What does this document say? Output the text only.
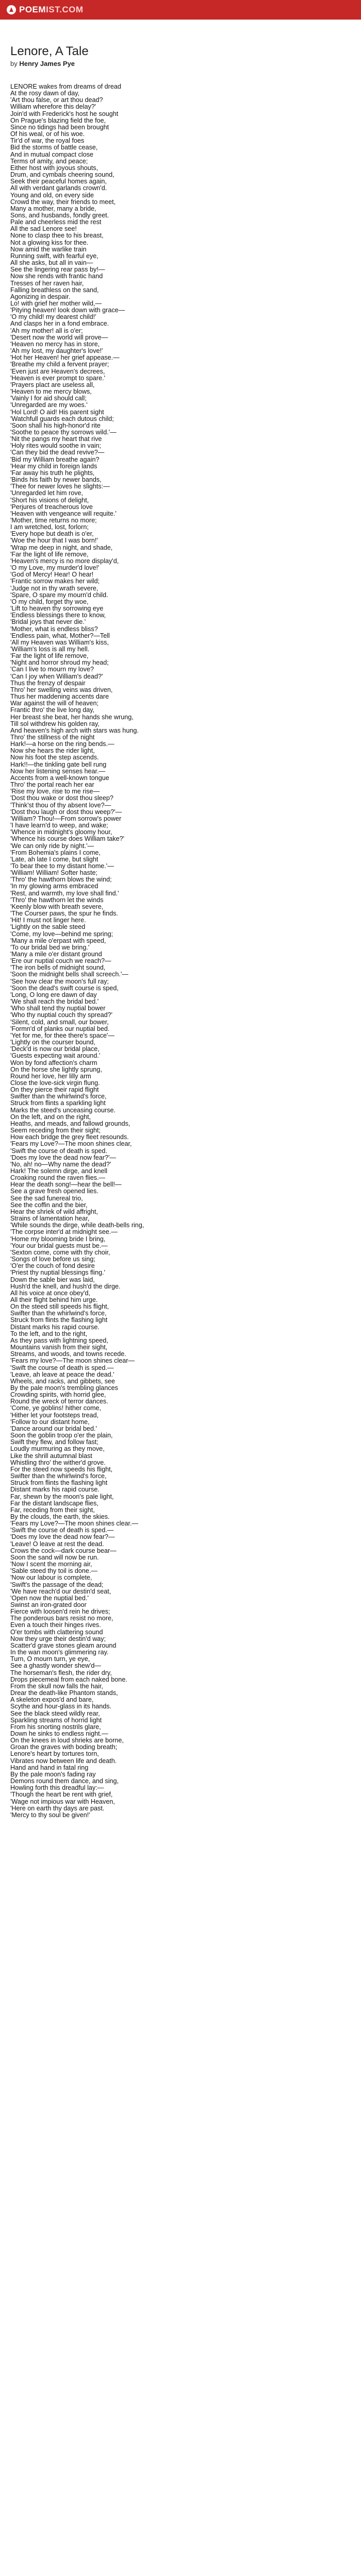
POEMIST.COM
Lenore, A Tale
by Henry James Pye
LENORE wakes from dreams of dread
At the rosy dawn of day,
'Art thou false, or art thou dead?
William wherefore this delay?'
Join'd with Frederick's host he sought
On Prague's blazing field the foe,
Since no tidings had been brought
Of his weal, or of his woe.
Tir'd of war, the royal foes
Bid the storms of battle cease,
And in mutual compact close
Terms of amity, and peace;
Either host with joyous shouts,
Drum, and cymbals cheering sound,
Seek their peaceful homes again,
All with verdant garlands crown'd.
Young and old, on every side
Crowd the way, their friends to meet,
Many a mother, many a bride,
Sons, and husbands, fondly greet.
Pale and cheerless mid the rest
All the sad Lenore see!
None to clasp thee to his breast,
Not a glowing kiss for thee.
Now amid the warlike train
Running swift, with fearful eye,
All she asks, but all in vain—
See the lingering rear pass by!—
Now she rends with frantic hand
Tresses of her raven hair,
Falling breathless on the sand,
Agonizing in despair.
Lo! with grief her mother wild,—
'Pitying heaven! look down with grace—
'O my child! my dearest child!'
And clasps her in a fond embrace.
'Ah my mother! all is o'er;
'Desert now the world will prove—
'Heaven no mercy has in store,
'Ah my lost, my daughter's love!'
'Hot her Heaven! her grief appease.—
'Breathe my child a fervent prayer;
'Even just are Heaven's decrees,
'Heaven is ever prompt to spare.'
'Prayers plact are useless all,
'Heaven to me mercy blows,
'Vainly I for aid should call;
'Unregarded are my woes.'
'Hol Lord! O aid! His parent sight
'Watchfull guards each dutous child;
'Soon shall his high-honor'd rite
'Soothe to peace thy sorrows wild.'—
'Nit the pangs my heart that rive
'Holy rites would soothe in vain;
'Can they bid the dead revive?—
'Bid my William breathe again?
'Hear my child in foreign lands
'Far away his truth he plights,
'Binds his faith by newer bands,
'Thee for newer loves he slights:—
'Unregarded let him rove,
'Short his visions of delight,
'Perjures of treacherous love
'Heaven with vengeance will requite.'
'Mother, time returns no more;
I am wretched, lost, forlorn;
'Every hope but death is o'er,
'Woe the hour that I was born!'
'Wrap me deep in night, and shade,
'Far the light of life remove,
'Heaven's mercy is no more display'd,
'O my Love, my murder'd love!'
'God of Mercy! Hear! O hear!
'Frantic sorrow makes her wild;
'Judge not in thy wrath severe,
'Spare, O spare my mourn'd child.
'O my child, forget thy woe,
'Lift to heaven thy sorrowing eye
'Endless blessings there to know,
'Bridal joys that never die.'
'Mother, what is endless bliss?
'Endless pain, what, Mother?—Tell
'All my Heaven was William's kiss,
'William's loss is all my hell.
'Far the light of life remove,
'Night and horror shroud my head;
'Can I live to mourn my love?
'Can I joy when William's dead?'
Thus the frenzy of despair
Thro' her swelling veins was driven,
Thus her maddening accents dare
War against the will of heaven;
Frantic thro' the live long day,
Her breast she beat, her hands she wrung,
Till sol withdrew his golden ray,
And heaven's high arch with stars was hung.
Thro' the stillness of the night
Hark!—a horse on the ring bends.—
Now she hears the rider light,
Now his foot the step ascends.
Hark!!—the tinkling gate bell rung
Now her listening senses hear.—
Accents from a well-known tongue
Thro' the portal reach her ear
'Rise my love, rise to me rise—
'Dost thou wake or dost thou sleep?
'Think'st thou of thy absent love?—
'Dost thou laugh or dost thou weep?'—
'William? Thou!—From sorrow's power
'I have learn'd to weep, and wake;
'Whence in midnight's gloomy hour,
'Whence his course does William take?'
'We can only ride by night.'—
'From Bohemia's plains I come,
'Late, ah late I come, but slight
'To bear thee to my distant home.'—
'William! William! Softer haste;
'Thro' the hawthorn blows the wind;
'In my glowing arms embraced
'Rest, and warmth, my love shall find.'
'Thro' the hawthorn let the winds
'Keenly blow with breath severe,
'The Courser paws, the spur he finds.
'Hit! I must not linger here.
'Lightly on the sable steed
'Come, my love—behind me spring;
'Many a mile o'erpast with speed,
'To our bridal bed we bring.'
'Many a mile o'er distant ground
'Ere our nuptial couch we reach?—
'The iron bells of midnight sound,
'Soon the midnight bells shall screech.'—
'See how clear the moon's full ray;
'Soon the dead's swift course is sped,
'Long, O long ere dawn of day
'We shall reach the bridal bed.'
'Who shall tend thy nuptial bower
'Who thy nuptial couch thy spread?'
'Silent, cold, and small, our bower,
'Formn'd of planks our nuptial bed.
'Yet for me, for thee there's space'—
'Lightly on the courser bound,
'Deck'd is now our bridal place,
'Guests expecting wait around.'
Won by fond affection's charm
On the horse she lightly sprung,
Round her love, her lilly arm
Close the love-sick virgin flung.
On they pierce their rapid flight
Swifter than the whirlwind's force,
Struck from flints a sparkling light
Marks the steed's unceasing course.
On the left, and on the right,
Heaths, and meads, and fallowd grounds,
Seem receding from their sight;
How each bridge the grey fleet resounds.
'Fears my Love?—The moon shines clear,
'Swift the course of death is sped.
'Does my love the dead now fear?'—
'No, ah! no—Why name the dead?'
Hark! The solemn dirge, and knell
Croaking round the raven flies.—
Hear the death song!—hear the bell!—
See a grave fresh opened lies.
See the sad funereal trio,
See the coffin and the bier,
Hear the shriek of wild affright,
Strains of lamentation hear,
'While sounds the dirge, while death-bells ring,
'The corpse inter'd at midnight see.—
'Home my blooming bride I bring,
'Your our bridal guests must be.—
'Sexton come, come with thy choir,
'Songs of love before us sing;
'O'er the couch of fond desire
'Priest thy nuptial blessings fling.'
Down the sable bier was laid,
Hush'd the knell, and hush'd the dirge.
All his voice at once obey'd,
All their flight behind him urge.
On the steed still speeds his flight,
Swifter than the whirlwind's force,
Struck from flints the flashing light
Distant marks his rapid course.
To the left, and to the right,
As they pass with lightning speed,
Mountains vanish from their sight,
Streams, and woods, and towns recede.
'Fears my love?—The moon shines clear—
'Swift the course of death is sped.—
'Leave, ah leave at peace the dead.'
Wheels, and racks, and gibbets, see
By the pale moon's trembling glances
Crowding spirits, with horrid glee,
Round the wreck of terror dances.
'Come, ye goblins! hither come,
'Hither let your footsteps tread,
'Follow to our distant home,
'Dance around our bridal bed.'
Soon the goblin troop o'er the plain,
Swift they flew, and follow fast;
Loudly murmuring as they move,
Like the shrill autumnal blast
Whistling thro' the wither'd grove.
For the steed now speeds his flight,
Swifter than the whirlwind's force,
Struck from flints the flashing light
Distant marks his rapid course.
Far, shewn by the moon's pale light,
Far the distant landscape flies,
Far, receding from their sight,
By the clouds, the earth, the skies.
'Fears my Love?—The moon shines clear.—
'Swift the course of death is sped.—
'Does my love the dead now fear?—
'Leave! O leave at rest the dead.
Crows the cock—dark course bear—
Soon the sand will now be run.
'Now I scent the morning air,
'Sable steed thy toil is done.—
'Now our labour is complete,
'Swift's the passage of the dead;
'We have reach'd our destin'd seat,
'Open now the nuptial bed.'
Swinst an iron-grated door
Fierce with loosen'd rein he drives;
The ponderous bars resist no more,
Even a touch their hinges rives.
O'er tombs with clattering sound
Now they urge their destin'd way;
Scatter'd grave stones gleam around
In the wan moon's glimmering ray.
Turn, O mourn turn, ye eye,
See a ghastly wonder shew'd—
The horseman's flesh, the rider dry,
Drops piecemeal from each naked bone.
From the skull now falls the hair,
Drear the death-like Phantom stands,
A skeleton expos'd and bare,
Scythe and hour-glass in its hands.
See the black steed wildly rear,
Sparkling streams of horrid light
From his snorting nostrils glare,
Down he sinks to endless night.—
On the knees in loud shrieks are borne,
Groan the graves with boding breath;
Lenore's heart by tortures torn,
Vibrates now between life and death.
Hand and hand in fatal ring
By the pale moon's fading ray
Demons round them dance, and sing,
Howling forth this dreadful lay:—
'Though the heart be rent with grief,
'Wage not impious war with Heaven,
'Here on earth thy days are past.
'Mercy to thy soul be given!'
